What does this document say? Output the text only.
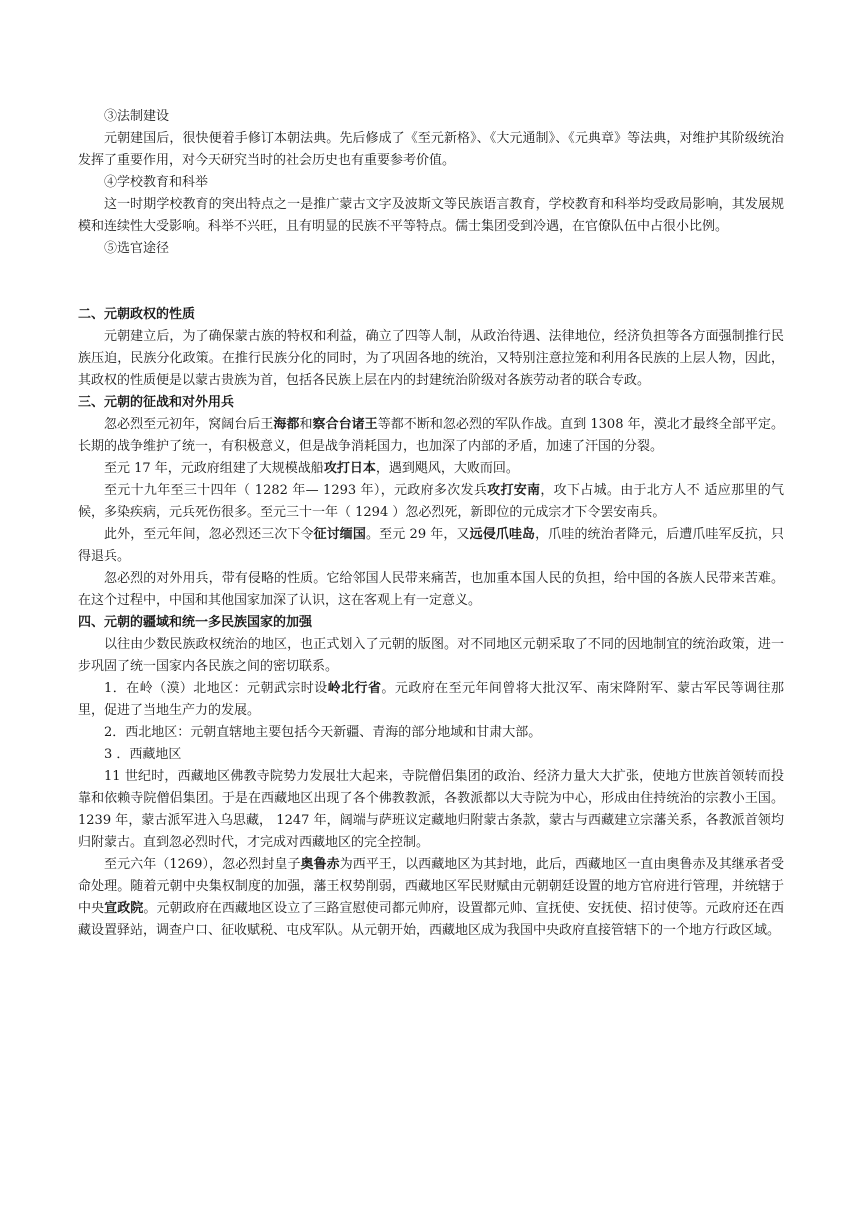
③法制建设

元朝建国后，很快便着手修订本朝法典。先后修成了《至元新格》、《大元通制》、《元典章》等法典，对维护其阶级统治发挥了重要作用，对今天研究当时的社会历史也有重要参考价值。

④学校教育和科举

这一时期学校教育的突出特点之一是推广蒙古文字及波斯文等民族语言教育，学校教育和科举均受政局影响，其发展规模和连续性大受影响。科举不兴旺，且有明显的民族不平等特点。儒士集团受到冷遇，在官僚队伍中占很小比例。

⑤选官途径

二、元朝政权的性质

元朝建立后，为了确保蒙古族的特权和利益，确立了四等人制，从政治待遇、法律地位，经济负担等各方面强制推行民族压迫，民族分化政策。在推行民族分化的同时，为了巩固各地的统治，又特别注意拉笼和利用各民族的上层人物，因此，其政权的性质便是以蒙古贵族为首，包括各民族上层在内的封建统治阶级对各族劳动者的联合专政。

三、元朝的征战和对外用兵

忽必烈至元初年，窝阔台后王海都和察合台诸王等都不断和忽必烈的军队作战。直到 1308 年，漠北才最终全部平定。长期的战争维护了统一，有积极意义，但是战争消耗国力，也加深了内部的矛盾，加速了汗国的分裂。

至元 17 年，元政府组建了大规模战船攻打日本，遇到飓风，大败而回。

至元十九年至三十四年（ 1282 年— 1293 年），元政府多次发兵攻打安南，攻下占城。由于北方人不 适应那里的气候，多染疾病，元兵死伤很多。至元三十一年（ 1294 ）忽必烈死，新即位的元成宗才下令罢安南兵。

此外，至元年间，忽必烈还三次下令征讨缅国。至元 29 年，又远侵爪哇岛，爪哇的统治者降元，后遭爪哇军反抗，只得退兵。

忽必烈的对外用兵，带有侵略的性质。它给邻国人民带来痛苦，也加重本国人民的负担，给中国的各族人民带来苦难。在这个过程中，中国和其他国家加深了认识，这在客观上有一定意义。

四、元朝的疆域和统一多民族国家的加强

以往由少数民族政权统治的地区，也正式划入了元朝的版图。对不同地区元朝采取了不同的因地制宜的统治政策，进一步巩固了统一国家内各民族之间的密切联系。

1．在岭（漠）北地区：元朝武宗时设岭北行省。元政府在至元年间曾将大批汉军、南宋降附军、蒙古军民等调往那里，促进了当地生产力的发展。

2．西北地区：元朝直辖地主要包括今天新疆、青海的部分地域和甘肃大部。

3 ．西藏地区

11 世纪时，西藏地区佛教寺院势力发展壮大起来，寺院僧侣集团的政治、经济力量大大扩张，使地方世族首领转而投靠和依赖寺院僧侣集团。于是在西藏地区出现了各个佛教教派，各教派都以大寺院为中心，形成由住持统治的宗教小王国。1239 年，蒙古派军进入乌思藏， 1247 年，阔端与萨班议定藏地归附蒙古条款，蒙古与西藏建立宗藩关系，各教派首领均归附蒙古。直到忽必烈时代，才完成对西藏地区的完全控制。

至元六年（1269），忽必烈封皇子奥鲁赤为西平王，以西藏地区为其封地，此后，西藏地区一直由奥鲁赤及其继承者受命处理。随着元朝中央集权制度的加强，藩王权势削弱，西藏地区军民财赋由元朝朝廷设置的地方官府进行管理，并统辖于中央宣政院。元朝政府在西藏地区设立了三路宣慰使司都元帅府，设置都元帅、宣抚使、安抚使、招讨使等。元政府还在西藏设置驿站，调查户口、征收赋税、屯戍军队。从元朝开始，西藏地区成为我国中央政府直接管辖下的一个地方行政区域。
